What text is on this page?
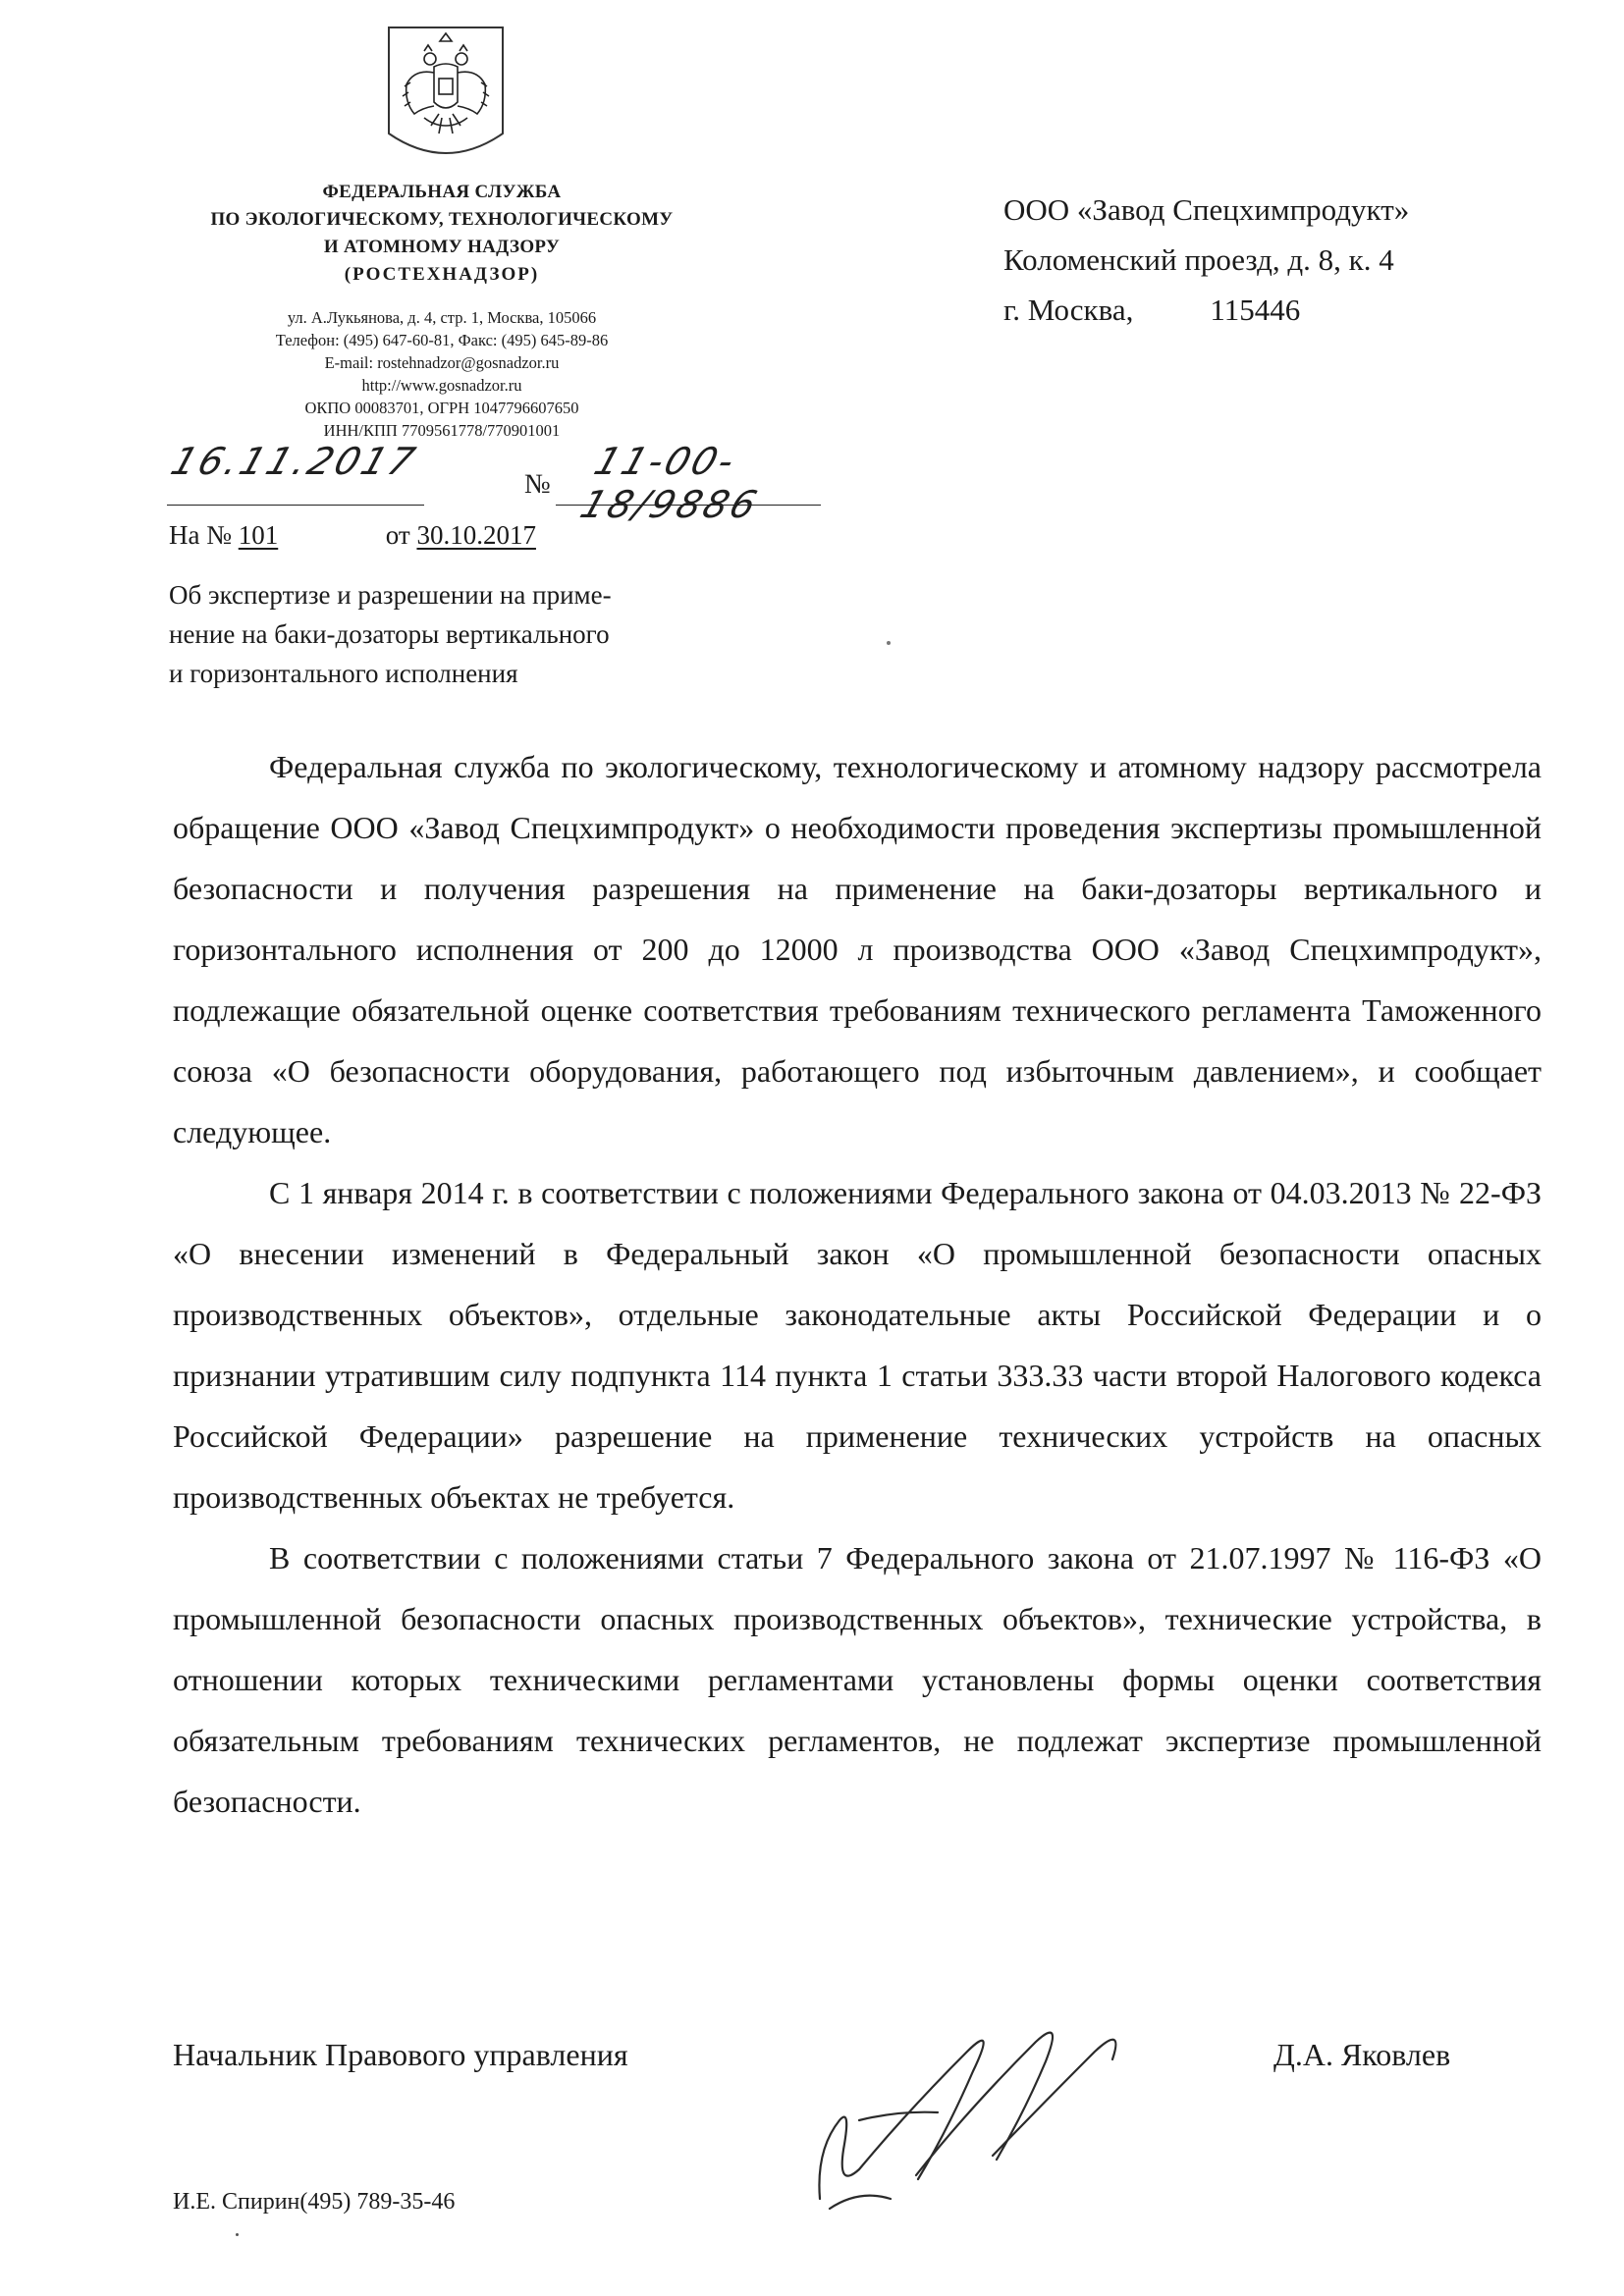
ФЕДЕРАЛЬНАЯ СЛУЖБА
ПО ЭКОЛОГИЧЕСКОМУ, ТЕХНОЛОГИЧЕСКОМУ
И АТОМНОМУ НАДЗОРУ
(РОСТЕХНАДЗОР)
ул. А.Лукьянова, д. 4, стр. 1, Москва, 105066
Телефон: (495) 647-60-81, Факс: (495) 645-89-86
E-mail: rostehnadzor@gosnadzor.ru
http://www.gosnadzor.ru
ОКПО 00083701, ОГРН 1047796607650
ИНН/КПП 7709561778/770901001
ООО «Завод Спецхимпродукт»
Коломенский проезд, д. 8, к. 4
г. Москва,	115446
16.11.2017
№
11-00-18/9886
На № 101	от 30.10.2017
Об экспертизе и разрешении на приме-
нение на баки-дозаторы вертикального
и горизонтального исполнения

Федеральная служба по экологическому, технологическому и атомному надзору рассмотрела обращение ООО «Завод Спецхимпродукт» о необходимости проведения экспертизы промышленной безопасности и получения разрешения на применение на баки-дозаторы вертикального и горизонтального исполнения от 200 до 12000 л производства ООО «Завод Спецхимпродукт», подлежащие обязательной оценке соответствия требованиям технического регламента Таможенного союза «О безопасности оборудования, работающего под избыточным давлением», и сообщает следующее.

С 1 января 2014 г. в соответствии с положениями Федерального закона от 04.03.2013 № 22-ФЗ «О внесении изменений в Федеральный закон «О промышленной безопасности опасных производственных объектов», отдельные законодательные акты Российской Федерации и о признании утратившим силу подпункта 114 пункта 1 статьи 333.33 части второй Налогового кодекса Российской Федерации» разрешение на применение технических устройств на опасных производственных объектах не требуется.

В соответствии с положениями статьи 7 Федерального закона от 21.07.1997 № 116-ФЗ «О промышленной безопасности опасных производственных объектов», технические устройства, в отношении которых техническими регламентами установлены формы оценки соответствия обязательным требованиям технических регламентов, не подлежат экспертизе промышленной безопасности.

Начальник Правового управления	Д.А. Яковлев
И.Е. Спирин(495) 789-35-46
